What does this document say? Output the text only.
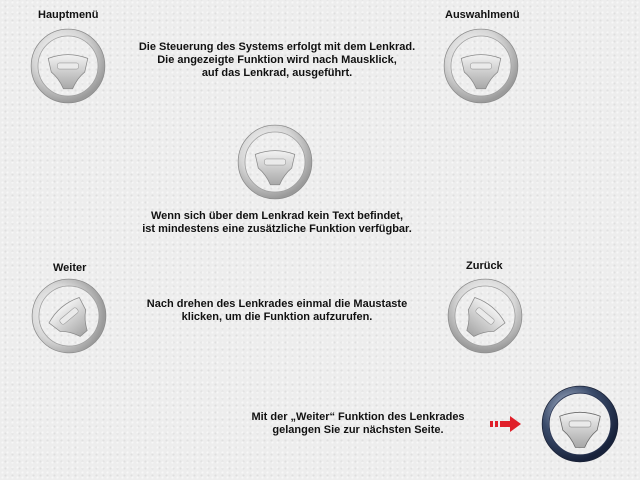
Hauptmenü	Auswahlmenü
Weiter	Zurück
Die Steuerung des Systems erfolgt mit dem Lenkrad.
Die angezeigte Funktion wird nach Mausklick,
auf das Lenkrad, ausgeführt.
Wenn sich über dem Lenkrad kein Text befindet,
ist mindestens eine zusätzliche Funktion verfügbar.
Nach drehen des Lenkrades einmal die Maustaste
klicken, um die Funktion aufzurufen.
Mit der „Weiter“ Funktion des Lenkrades
gelangen Sie zur nächsten Seite.
